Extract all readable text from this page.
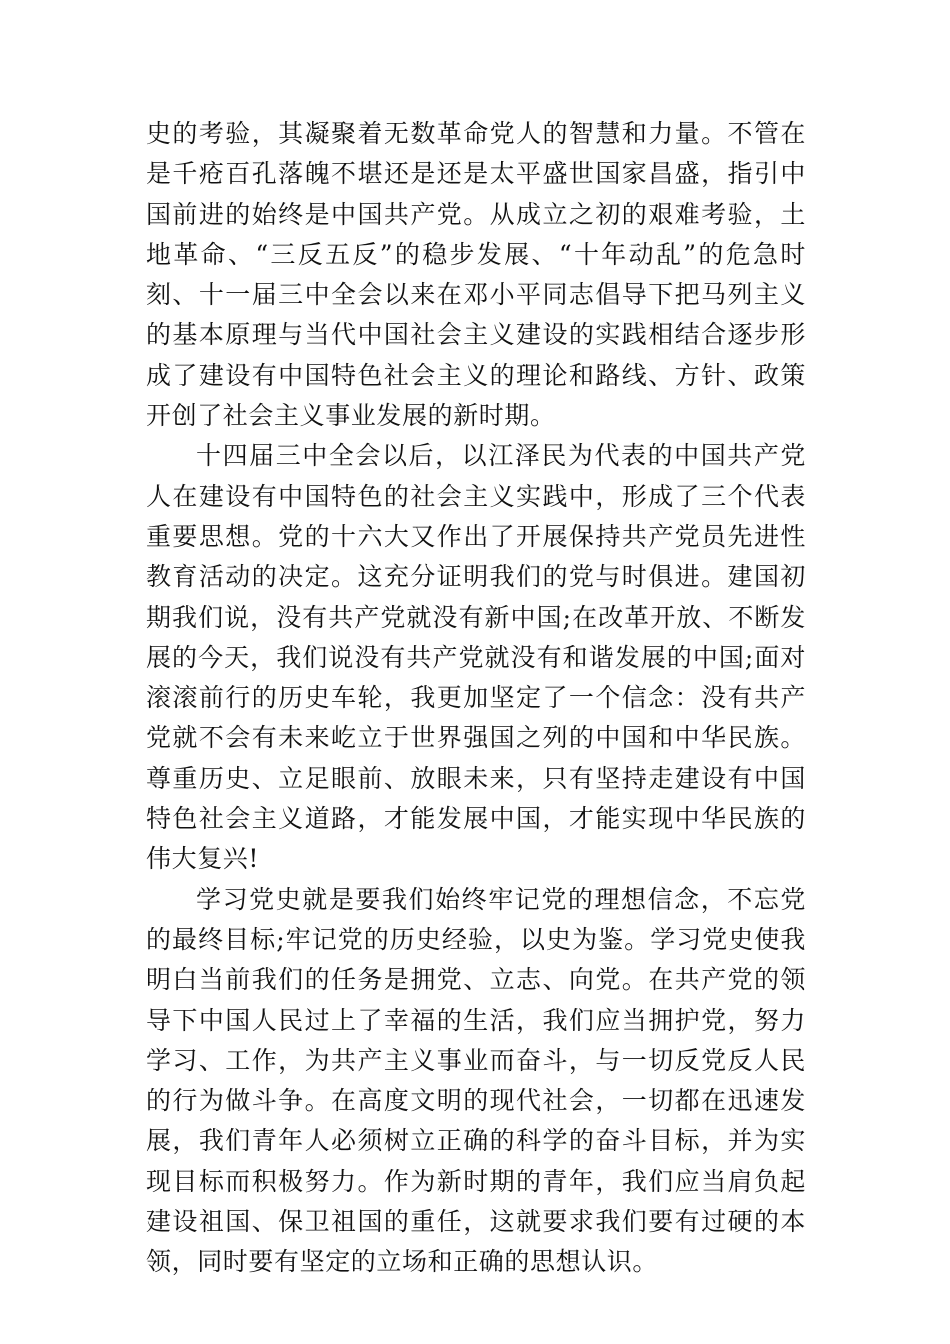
史的考验，其凝聚着无数革命党人的智慧和力量。不管在是千疮百孔落魄不堪还是还是太平盛世国家昌盛，指引中国前进的始终是中国共产党。从成立之初的艰难考验，土地革命、“三反五反”的稳步发展、“十年动乱”的危急时刻、十一届三中全会以来在邓小平同志倡导下把马列主义的基本原理与当代中国社会主义建设的实践相结合逐步形成了建设有中国特色社会主义的理论和路线、方针、政策开创了社会主义事业发展的新时期。

十四届三中全会以后，以江泽民为代表的中国共产党人在建设有中国特色的社会主义实践中，形成了三个代表重要思想。党的十六大又作出了开展保持共产党员先进性教育活动的决定。这充分证明我们的党与时俱进。建国初期我们说，没有共产党就没有新中国;在改革开放、不断发展的今天，我们说没有共产党就没有和谐发展的中国;面对滚滚前行的历史车轮，我更加坚定了一个信念：没有共产党就不会有未来屹立于世界强国之列的中国和中华民族。尊重历史、立足眼前、放眼未来，只有坚持走建设有中国特色社会主义道路，才能发展中国，才能实现中华民族的伟大复兴!

学习党史就是要我们始终牢记党的理想信念，不忘党的最终目标;牢记党的历史经验，以史为鉴。学习党史使我明白当前我们的任务是拥党、立志、向党。在共产党的领导下中国人民过上了幸福的生活，我们应当拥护党，努力学习、工作，为共产主义事业而奋斗，与一切反党反人民的行为做斗争。在高度文明的现代社会，一切都在迅速发展，我们青年人必须树立正确的科学的奋斗目标，并为实现目标而积极努力。作为新时期的青年，我们应当肩负起建设祖国、保卫祖国的重任，这就要求我们要有过硬的本领，同时要有坚定的立场和正确的思想认识。
